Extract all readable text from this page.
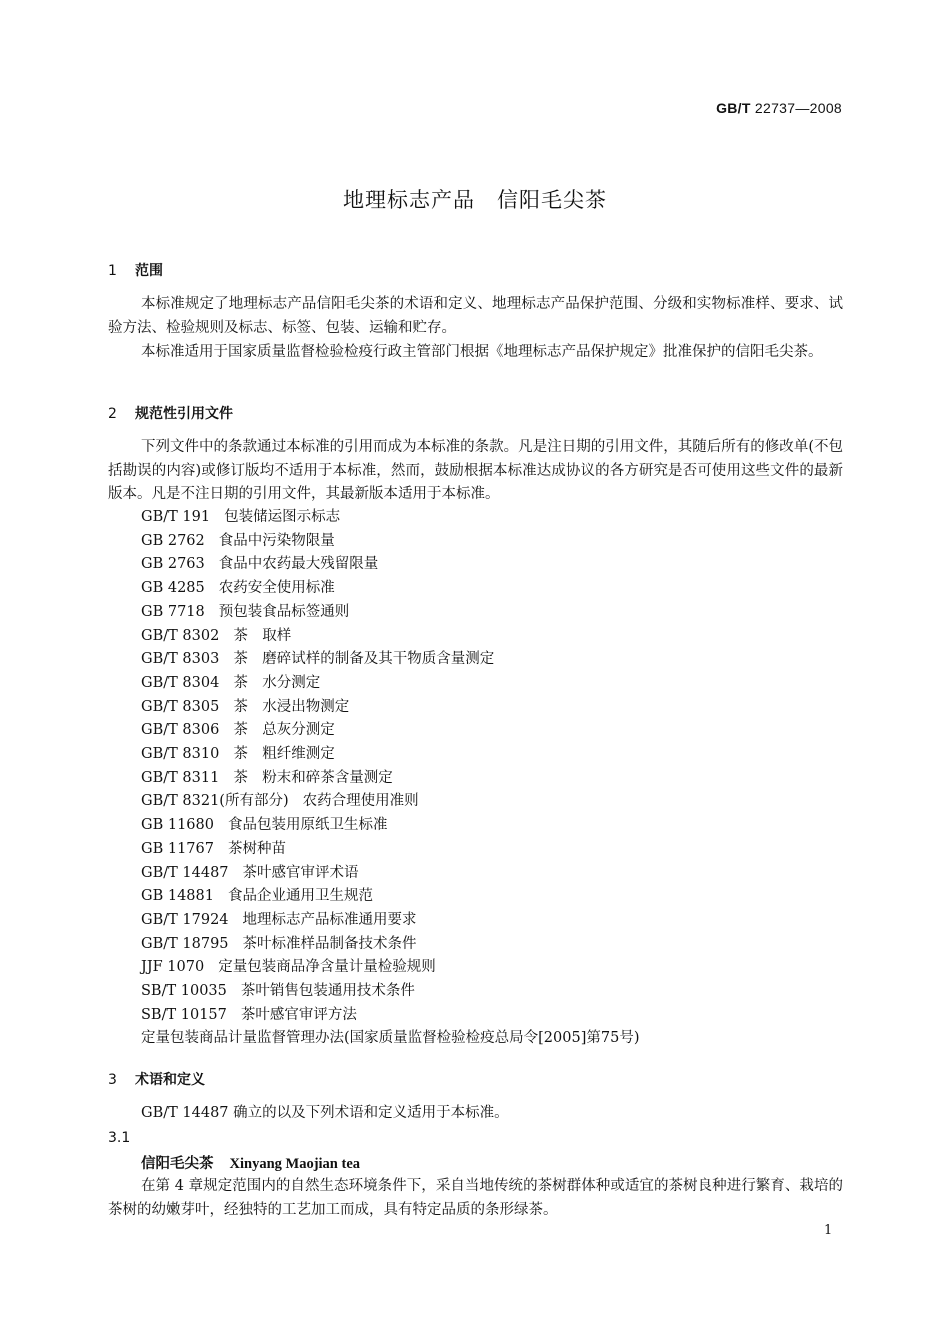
GB/T 22737—2008
地理标志产品　信阳毛尖茶
1 范围
本标准规定了地理标志产品信阳毛尖茶的术语和定义、地理标志产品保护范围、分级和实物标准样、要求、试验方法、检验规则及标志、标签、包装、运输和贮存。
本标准适用于国家质量监督检验检疫行政主管部门根据《地理标志产品保护规定》批准保护的信阳毛尖茶。
2 规范性引用文件
下列文件中的条款通过本标准的引用而成为本标准的条款。凡是注日期的引用文件，其随后所有的修改单(不包括勘误的内容)或修订版均不适用于本标准，然而，鼓励根据本标准达成协议的各方研究是否可使用这些文件的最新版本。凡是不注日期的引用文件，其最新版本适用于本标准。
GB/T 191 包装储运图示标志
GB 2762 食品中污染物限量
GB 2763 食品中农药最大残留限量
GB 4285 农药安全使用标准
GB 7718 预包装食品标签通则
GB/T 8302 茶　取样
GB/T 8303 茶　磨碎试样的制备及其干物质含量测定
GB/T 8304 茶　水分测定
GB/T 8305 茶　水浸出物测定
GB/T 8306 茶　总灰分测定
GB/T 8310 茶　粗纤维测定
GB/T 8311 茶　粉末和碎茶含量测定
GB/T 8321(所有部分) 农药合理使用准则
GB 11680 食品包装用原纸卫生标准
GB 11767 茶树种苗
GB/T 14487 茶叶感官审评术语
GB 14881 食品企业通用卫生规范
GB/T 17924 地理标志产品标准通用要求
GB/T 18795 茶叶标准样品制备技术条件
JJF 1070 定量包装商品净含量计量检验规则
SB/T 10035 茶叶销售包装通用技术条件
SB/T 10157 茶叶感官审评方法
定量包装商品计量监督管理办法(国家质量监督检验检疫总局令[2005]第75号)
3 术语和定义
GB/T 14487 确立的以及下列术语和定义适用于本标准。
3.1
信阳毛尖茶 Xinyang Maojian tea
在第 4 章规定范围内的自然生态环境条件下，采自当地传统的茶树群体种或适宜的茶树良种进行繁育、栽培的茶树的幼嫩芽叶，经独特的工艺加工而成，具有特定品质的条形绿茶。
1
